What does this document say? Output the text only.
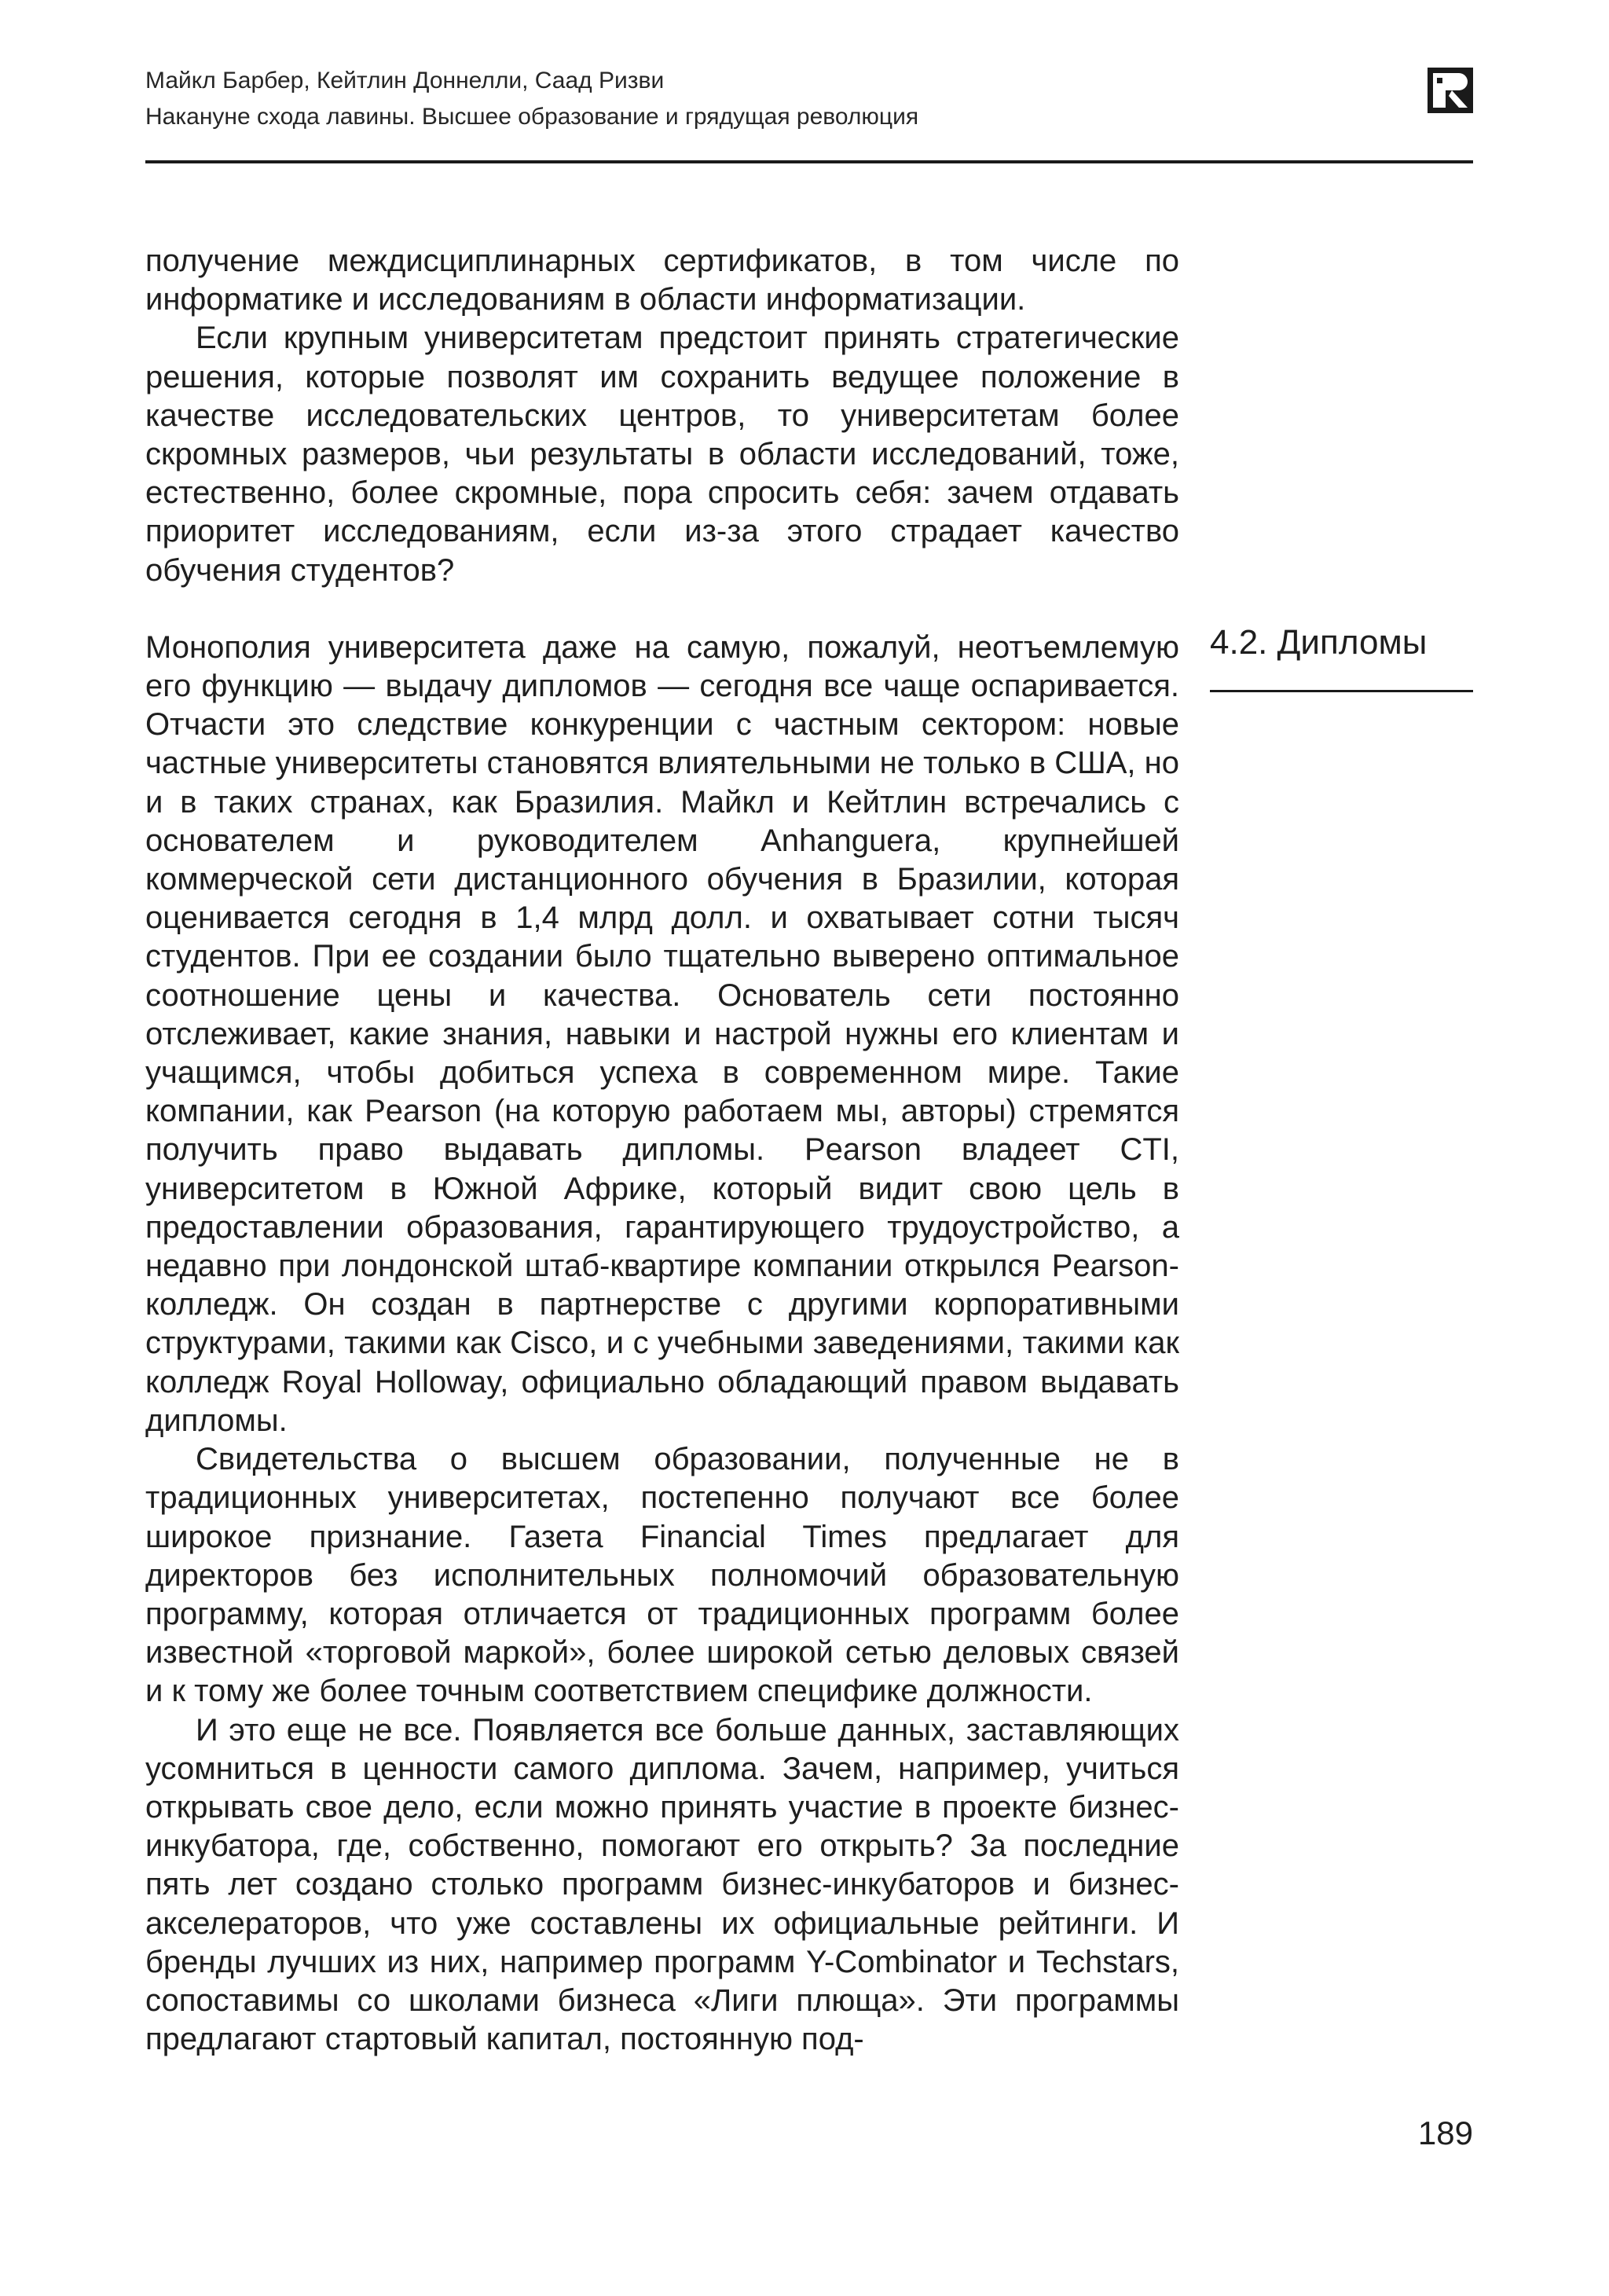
Майкл Барбер, Кейтлин Доннелли, Саад Ризви
Накануне схода лавины. Высшее образование и грядущая революция

получение междисциплинарных сертификатов, в том числе по информатике и исследованиям в области информатизации.

Если крупным университетам предстоит принять стратегические решения, которые позволят им сохранить ведущее положение в качестве исследовательских центров, то университетам более скромных размеров, чьи результаты в области исследований, тоже, естественно, более скромные, пора спросить себя: зачем отдавать приоритет исследованиям, если из-за этого страдает качество обучения студентов?

Монополия университета даже на самую, пожалуй, неотъемлемую его функцию — выдачу дипломов — сегодня все чаще оспаривается. Отчасти это следствие конкуренции с частным сектором: новые частные университеты становятся влиятельными не только в США, но и в таких странах, как Бразилия. Майкл и Кейтлин встречались с основателем и руководителем Anhanguera, крупнейшей коммерческой сети дистанционного обучения в Бразилии, которая оценивается сегодня в 1,4 млрд долл. и охватывает сотни тысяч студентов. При ее создании было тщательно выверено оптимальное соотношение цены и качества. Основатель сети постоянно отслеживает, какие знания, навыки и настрой нужны его клиентам и учащимся, чтобы добиться успеха в современном мире. Такие компании, как Pearson (на которую работаем мы, авторы) стремятся получить право выдавать дипломы. Pearson владеет CTI, университетом в Южной Африке, который видит свою цель в предоставлении образования, гарантирующего трудоустройство, а недавно при лондонской штаб-квартире компании открылся Pearson-колледж. Он создан в партнерстве с другими корпоративными структурами, такими как Cisco, и с учебными заведениями, такими как колледж Royal Holloway, официально обладающий правом выдавать дипломы.

Свидетельства о высшем образовании, полученные не в традиционных университетах, постепенно получают все более широкое признание. Газета Financial Times предлагает для директоров без исполнительных полномочий образовательную программу, которая отличается от традиционных программ более известной «торговой маркой», более широкой сетью деловых связей и к тому же более точным соответствием специфике должности.

И это еще не все. Появляется все больше данных, заставляющих усомниться в ценности самого диплома. Зачем, например, учиться открывать свое дело, если можно принять участие в проекте бизнес-инкубатора, где, собственно, помогают его открыть? За последние пять лет создано столько программ бизнес-инкубаторов и бизнес-акселераторов, что уже составлены их официальные рейтинги. И бренды лучших из них, например программ Y-Combinator и Techstars, сопоставимы со школами бизнеса «Лиги плюща». Эти программы предлагают стартовый капитал, постоянную под-

4.2. Дипломы
189
